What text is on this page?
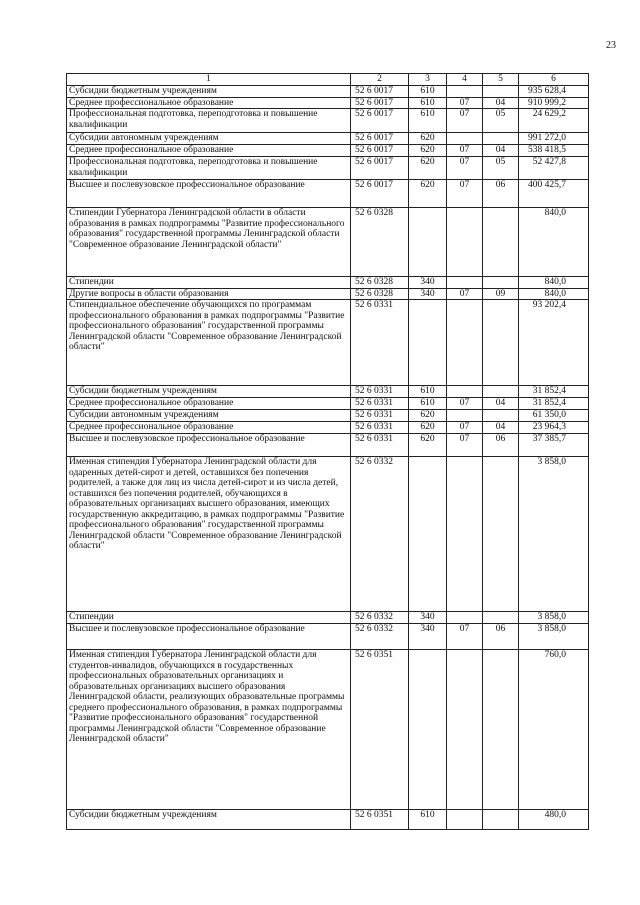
23
1	2	3	4	5	6
Субсидии бюджетным учреждениям	52 6 0017	610			935 628,4
Среднее профессиональное образование	52 6 0017	610	07	04	910 999,2
Профессиональная подготовка, переподготовка и повышение квалификации	52 6 0017	610	07	05	24 629,2
Субсидии автономным учреждениям	52 6 0017	620			991 272,0
Среднее профессиональное образование	52 6 0017	620	07	04	538 418,5
Профессиональная подготовка, переподготовка и повышение квалификации	52 6 0017	620	07	05	52 427,8
Высшее и послевузовское профессиональное образование	52 6 0017	620	07	06	400 425,7
Стипендии Губернатора Ленинградской области в области образования в рамках подпрограммы "Развитие профессионального образования" государственной программы Ленинградской области "Современное образование Ленинградской области"	52 6 0328				840,0
Стипендии	52 6 0328	340			840,0
Другие вопросы в области образования	52 6 0328	340	07	09	840,0
Стипендиальное обеспечение обучающихся по программам профессионального образования в рамках подпрограммы "Развитие профессионального образования" государственной программы Ленинградской области "Современное образование Ленинградской области"	52 6 0331				93 202,4
Субсидии бюджетным учреждениям	52 6 0331	610			31 852,4
Среднее профессиональное образование	52 6 0331	610	07	04	31 852,4
Субсидии автономным учреждениям	52 6 0331	620			61 350,0
Среднее профессиональное образование	52 6 0331	620	07	04	23 964,3
Высшее и послевузовское профессиональное образование	52 6 0331	620	07	06	37 385,7
Именная стипендия Губернатора Ленинградской области для одаренных детей-сирот и детей, оставшихся без попечения родителей, а также для лиц из числа детей-сирот и из числа детей, оставшихся без попечения родителей, обучающихся в образовательных организациях высшего образования, имеющих государственную аккредитацию, в рамках подпрограммы "Развитие профессионального образования" государственной программы Ленинградской области "Современное образование Ленинградской области"	52 6 0332				3 858,0
Стипендии	52 6 0332	340			3 858,0
Высшее и послевузовское профессиональное образование	52 6 0332	340	07	06	3 858,0
Именная стипендия Губернатора Ленинградской области для студентов-инвалидов, обучающихся в государственных профессиональных образовательных организациях и образовательных организациях высшего образования Ленинградской области, реализующих образовательные программы среднего профессионального образования, в рамках подпрограммы "Развитие профессионального образования" государственной программы Ленинградской области "Современное образование Ленинградской области"	52 6 0351				760,0
Субсидии бюджетным учреждениям	52 6 0351	610			480,0
